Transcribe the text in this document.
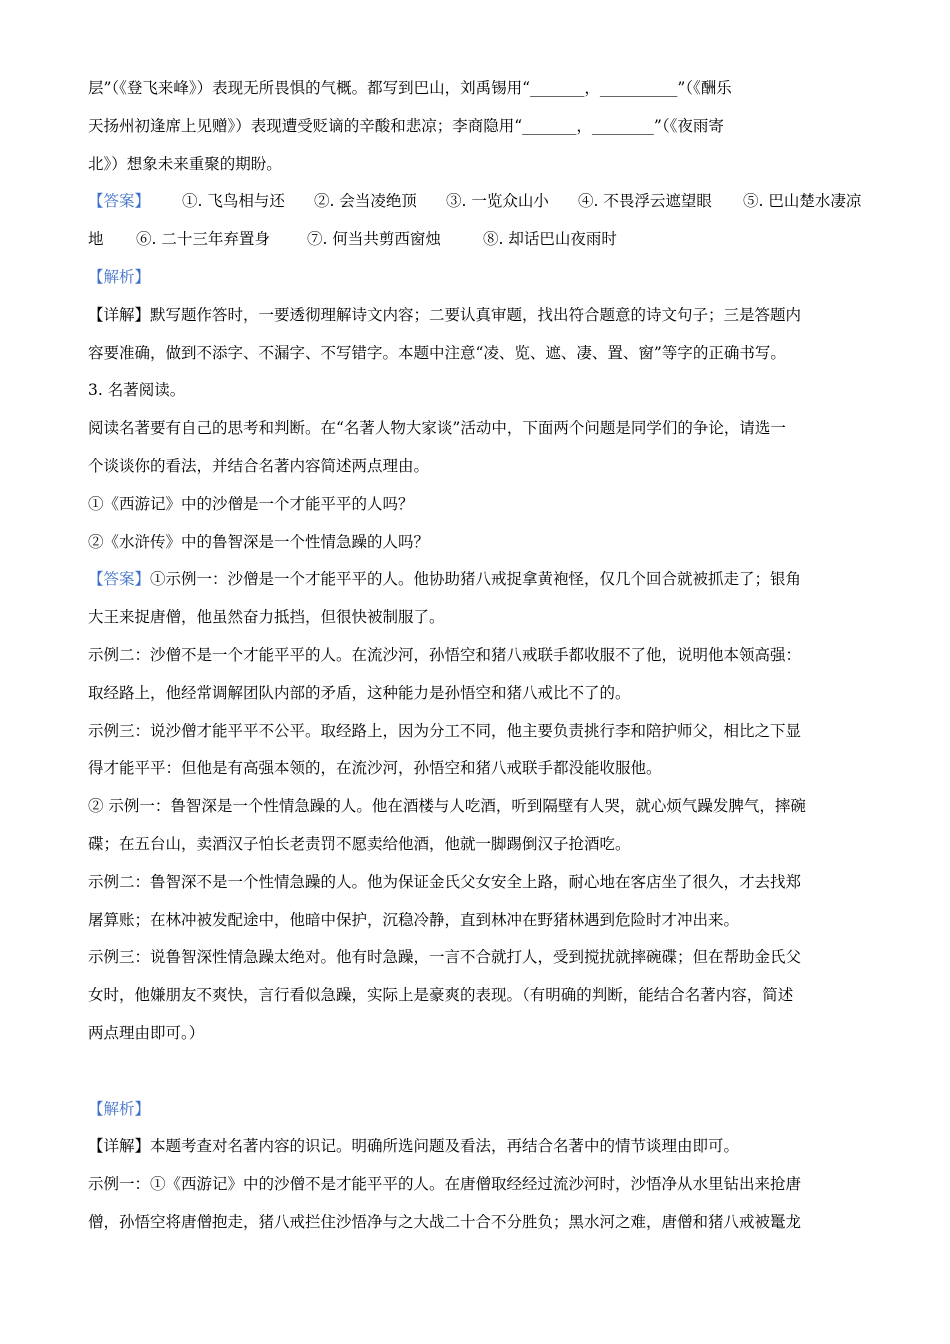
层”（《登飞来峰》）表现无所畏惧的气概。都写到巴山，刘禹锡用“_______，__________”（《酬乐
天扬州初逢席上见赠》）表现遭受贬谪的辛酸和悲凉；李商隐用“_______，________”（《夜雨寄
北》）想象未来重聚的期盼。
【答案】 ①. 飞鸟相与还 ②. 会当凌绝顶 ③. 一览众山小 ④. 不畏浮云遮望眼 ⑤. 巴山楚水凄凉
地 ⑥. 二十三年弃置身 ⑦. 何当共剪西窗烛	⑧. 却话巴山夜雨时
【解析】
【详解】默写题作答时，一要透彻理解诗文内容；二要认真审题，找出符合题意的诗文句子；三是答题内
容要准确，做到不添字、不漏字、不写错字。本题中注意“凌、览、遮、凄、置、窗”等字的正确书写。
3. 名著阅读。
阅读名著要有自己的思考和判断。在“名著人物大家谈”活动中，下面两个问题是同学们的争论，请选一
个谈谈你的看法，并结合名著内容简述两点理由。
①《西游记》中的沙僧是一个才能平平的人吗？
②《水浒传》中的鲁智深是一个性情急躁的人吗？
【答案】①示例一：沙僧是一个才能平平的人。他协助猪八戒捉拿黄袍怪，仅几个回合就被抓走了；银角
大王来捉唐僧，他虽然奋力抵挡，但很快被制服了。
示例二：沙僧不是一个才能平平的人。在流沙河，孙悟空和猪八戒联手都收服不了他，说明他本领高强：
取经路上，他经常调解团队内部的矛盾，这种能力是孙悟空和猪八戒比不了的。
示例三：说沙僧才能平平不公平。取经路上，因为分工不同，他主要负责挑行李和陪护师父，相比之下显
得才能平平：但他是有高强本领的，在流沙河，孙悟空和猪八戒联手都没能收服他。
② 示例一：鲁智深是一个性情急躁的人。他在酒楼与人吃酒，听到隔壁有人哭，就心烦气躁发脾气，摔碗
碟；在五台山，卖酒汉子怕长老责罚不愿卖给他酒，他就一脚踢倒汉子抢酒吃。
示例二：鲁智深不是一个性情急躁的人。他为保证金氏父女安全上路，耐心地在客店坐了很久，才去找郑
屠算账；在林冲被发配途中，他暗中保护，沉稳冷静，直到林冲在野猪林遇到危险时才冲出来。
示例三：说鲁智深性情急躁太绝对。他有时急躁，一言不合就打人，受到搅扰就摔碗碟；但在帮助金氏父
女时，他嫌朋友不爽快，言行看似急躁，实际上是豪爽的表现。（有明确的判断，能结合名著内容，简述
两点理由即可。）
【解析】
【详解】本题考查对名著内容的识记。明确所选问题及看法，再结合名著中的情节谈理由即可。
示例一：①《西游记》中的沙僧不是才能平平的人。在唐僧取经经过流沙河时，沙悟净从水里钻出来抢唐
僧，孙悟空将唐僧抱走，猪八戒拦住沙悟净与之大战二十合不分胜负；黑水河之难，唐僧和猪八戒被鼍龙
